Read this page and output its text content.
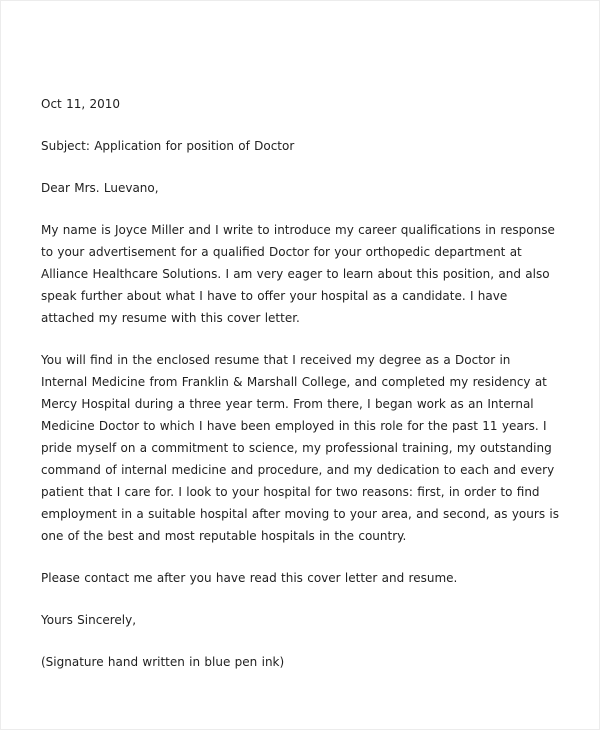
Oct 11, 2010

Subject: Application for position of Doctor

Dear Mrs. Luevano,

My name is Joyce Miller and I write to introduce my career qualifications in response to your advertisement for a qualified Doctor for your orthopedic department at Alliance Healthcare Solutions. I am very eager to learn about this position, and also speak further about what I have to offer your hospital as a candidate. I have attached my resume with this cover letter.

You will find in the enclosed resume that I received my degree as a Doctor in Internal Medicine from Franklin & Marshall College, and completed my residency at Mercy Hospital during a three year term. From there, I began work as an Internal Medicine Doctor to which I have been employed in this role for the past 11 years. I pride myself on a commitment to science, my professional training, my outstanding command of internal medicine and procedure, and my dedication to each and every patient that I care for. I look to your hospital for two reasons: first, in order to find employment in a suitable hospital after moving to your area, and second, as yours is one of the best and most reputable hospitals in the country.

Please contact me after you have read this cover letter and resume.

Yours Sincerely,

(Signature hand written in blue pen ink)
